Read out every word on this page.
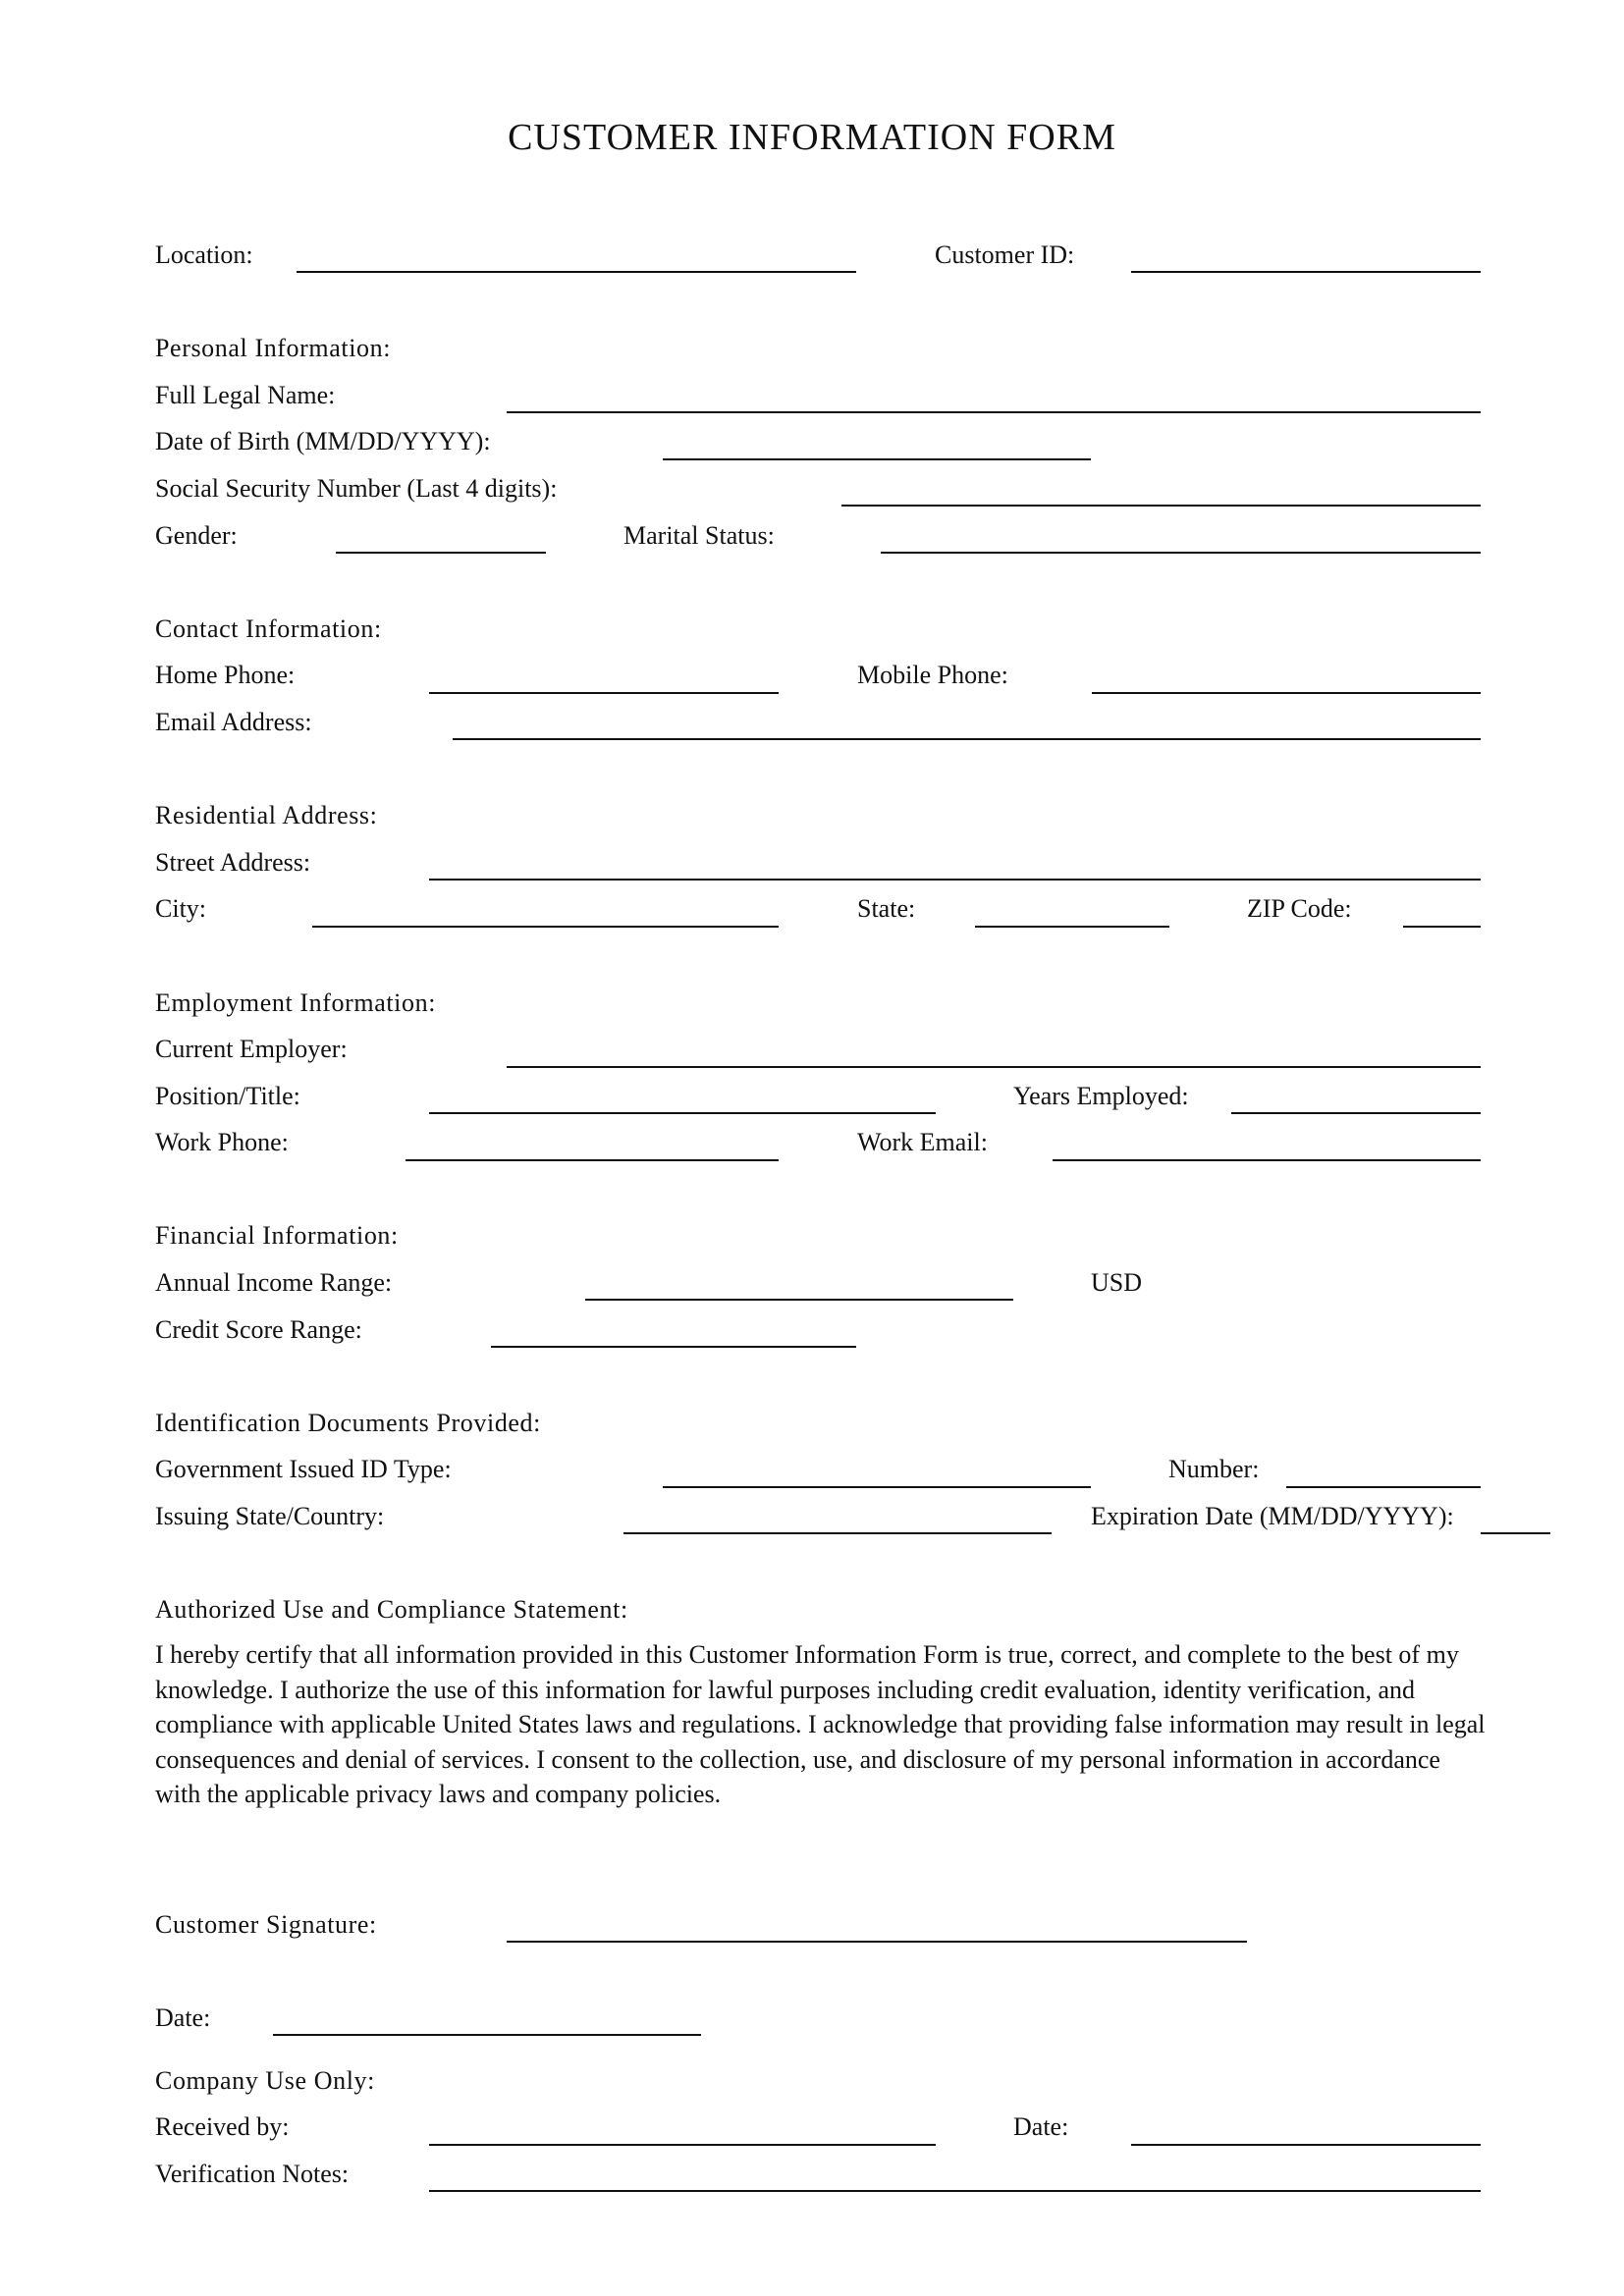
CUSTOMER INFORMATION FORM
Location:	Customer ID:
Personal Information:
Full Legal Name:
Date of Birth (MM/DD/YYYY):
Social Security Number (Last 4 digits):
Gender:	Marital Status:
Contact Information:
Home Phone:	Mobile Phone:
Email Address:
Residential Address:
Street Address:
City:	State:	ZIP Code:
Employment Information:
Current Employer:
Position/Title:	Years Employed:
Work Phone:	Work Email:
Financial Information:
Annual Income Range:	USD
Credit Score Range:
Identification Documents Provided:
Government Issued ID Type:	Number:
Issuing State/Country:	Expiration Date (MM/DD/YYYY):
Authorized Use and Compliance Statement:

I hereby certify that all information provided in this Customer Information Form is true, correct, and complete to the best of my knowledge. I authorize the use of this information for lawful purposes including credit evaluation, identity verification, and compliance with applicable United States laws and regulations. I acknowledge that providing false information may result in legal consequences and denial of services. I consent to the collection, use, and disclosure of my personal information in accordance with the applicable privacy laws and company policies.

Customer Signature:
Date:
Company Use Only:
Received by:	Date:
Verification Notes:
